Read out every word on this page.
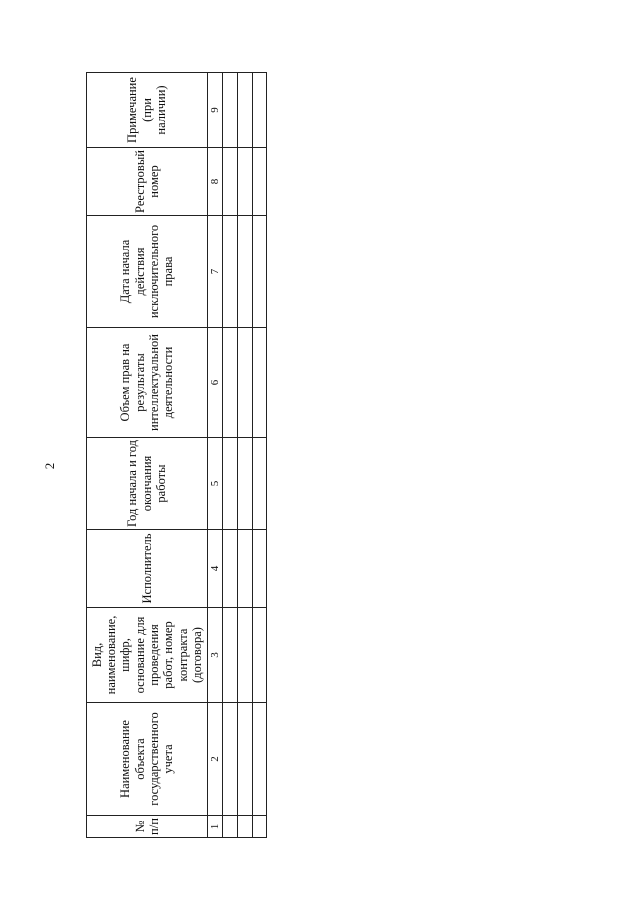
2
№ п/п	Наименование объекта государственного учета	Вид, наименование, шифр, основание для проведения работ, номер контракта (договора)	Исполнитель	Год начала и год окончания работы	Объем прав на результаты интеллектуальной деятельности	Дата начала действия исключительного права	Реестровый номер	Примечание (при наличии)
1	2	3	4	5	6	7	8	9
